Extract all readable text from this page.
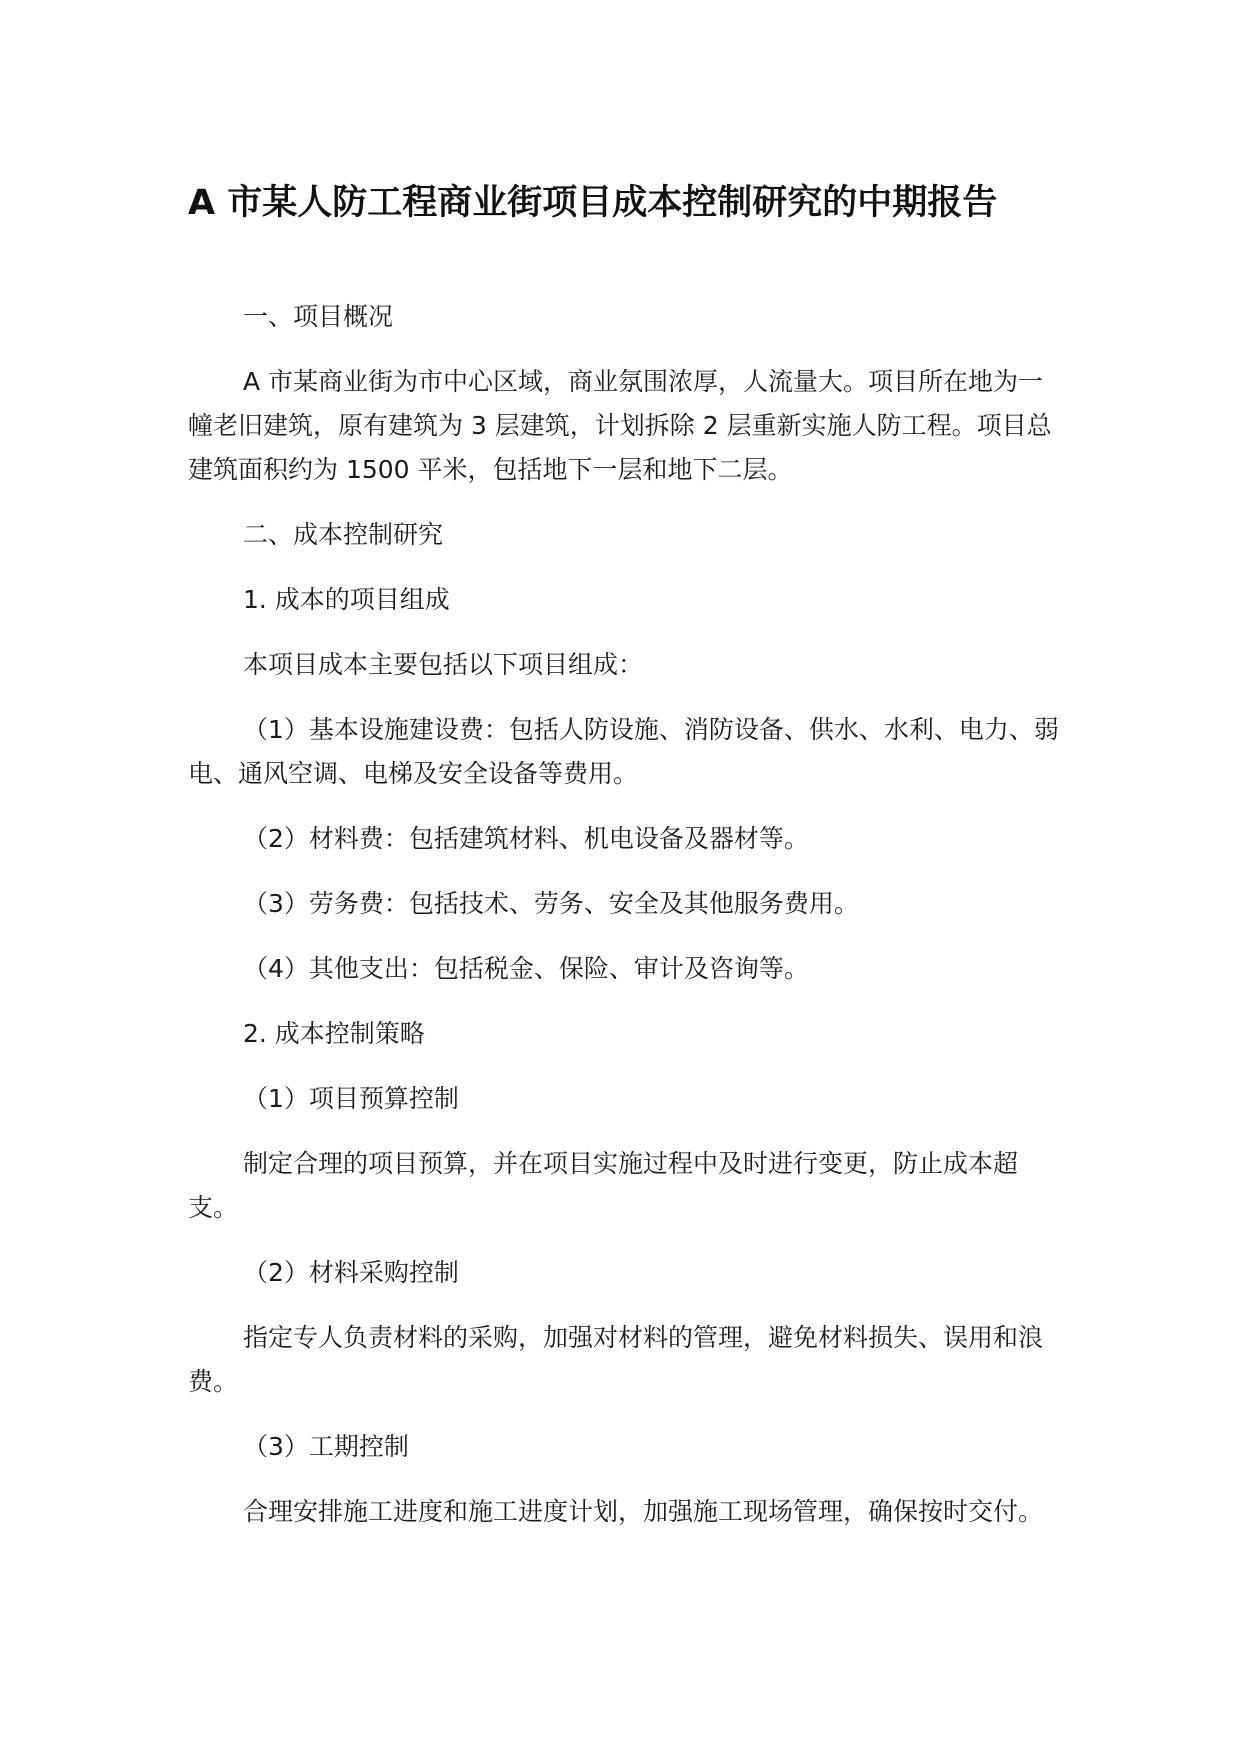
A 市某人防工程商业街项目成本控制研究的中期报告

一、项目概况

A 市某商业街为市中心区域，商业氛围浓厚，人流量大。项目所在地为一幢老旧建筑，原有建筑为 3 层建筑，计划拆除 2 层重新实施人防工程。项目总建筑面积约为 1500 平米，包括地下一层和地下二层。

二、成本控制研究

1. 成本的项目组成

本项目成本主要包括以下项目组成：

（1）基本设施建设费：包括人防设施、消防设备、供水、水利、电力、弱电、通风空调、电梯及安全设备等费用。

（2）材料费：包括建筑材料、机电设备及器材等。

（3）劳务费：包括技术、劳务、安全及其他服务费用。

（4）其他支出：包括税金、保险、审计及咨询等。

2. 成本控制策略

（1）项目预算控制

制定合理的项目预算，并在项目实施过程中及时进行变更，防止成本超支。

（2）材料采购控制

指定专人负责材料的采购，加强对材料的管理，避免材料损失、误用和浪费。

（3）工期控制

合理安排施工进度和施工进度计划，加强施工现场管理，确保按时交付。
